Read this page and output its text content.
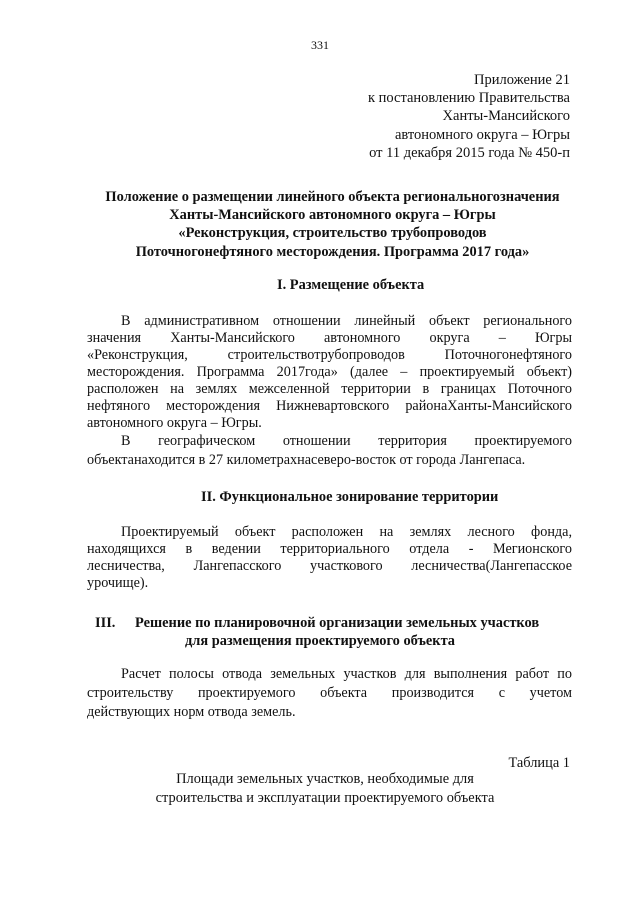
331
Приложение 21
к постановлению Правительства
Ханты-Мансийского
автономного округа – Югры
от 11 декабря 2015 года № 450-п
Положение о размещении линейного объекта региональногозначения
Ханты-Мансийского автономного округа – Югры
«Реконструкция, строительство трубопроводов
Поточногонефтяного месторождения. Программа 2017 года»
I. Размещение объекта
В административном отношении линейный объект регионального
значения Ханты-Мансийского автономного округа – Югры
«Реконструкция, строительствотрубопроводов Поточногонефтяного
месторождения. Программа 2017года» (далее – проектируемый объект)
расположен на землях межселенной территории в границах Поточного
нефтяного месторождения Нижневартовского районаХанты-Мансийского
автономного округа – Югры.
В географическом отношении территория проектируемого
объектанаходится в 27 километрахнасеверо-восток от города Лангепаса.
II. Функциональное зонирование территории
Проектируемый объект расположен на землях лесного фонда,
находящихся в ведении территориального отдела - Мегионского
лесничества, Лангепасского участкового лесничества(Лангепасское
урочище).
III. Решение по планировочной организации земельных участков
для размещения проектируемого объекта
Расчет полосы отвода земельных участков для выполнения работ по
строительству проектируемого объекта производится с учетом
действующих норм отвода земель.
Таблица 1
Площади земельных участков, необходимые для
строительства и эксплуатации проектируемого объекта
